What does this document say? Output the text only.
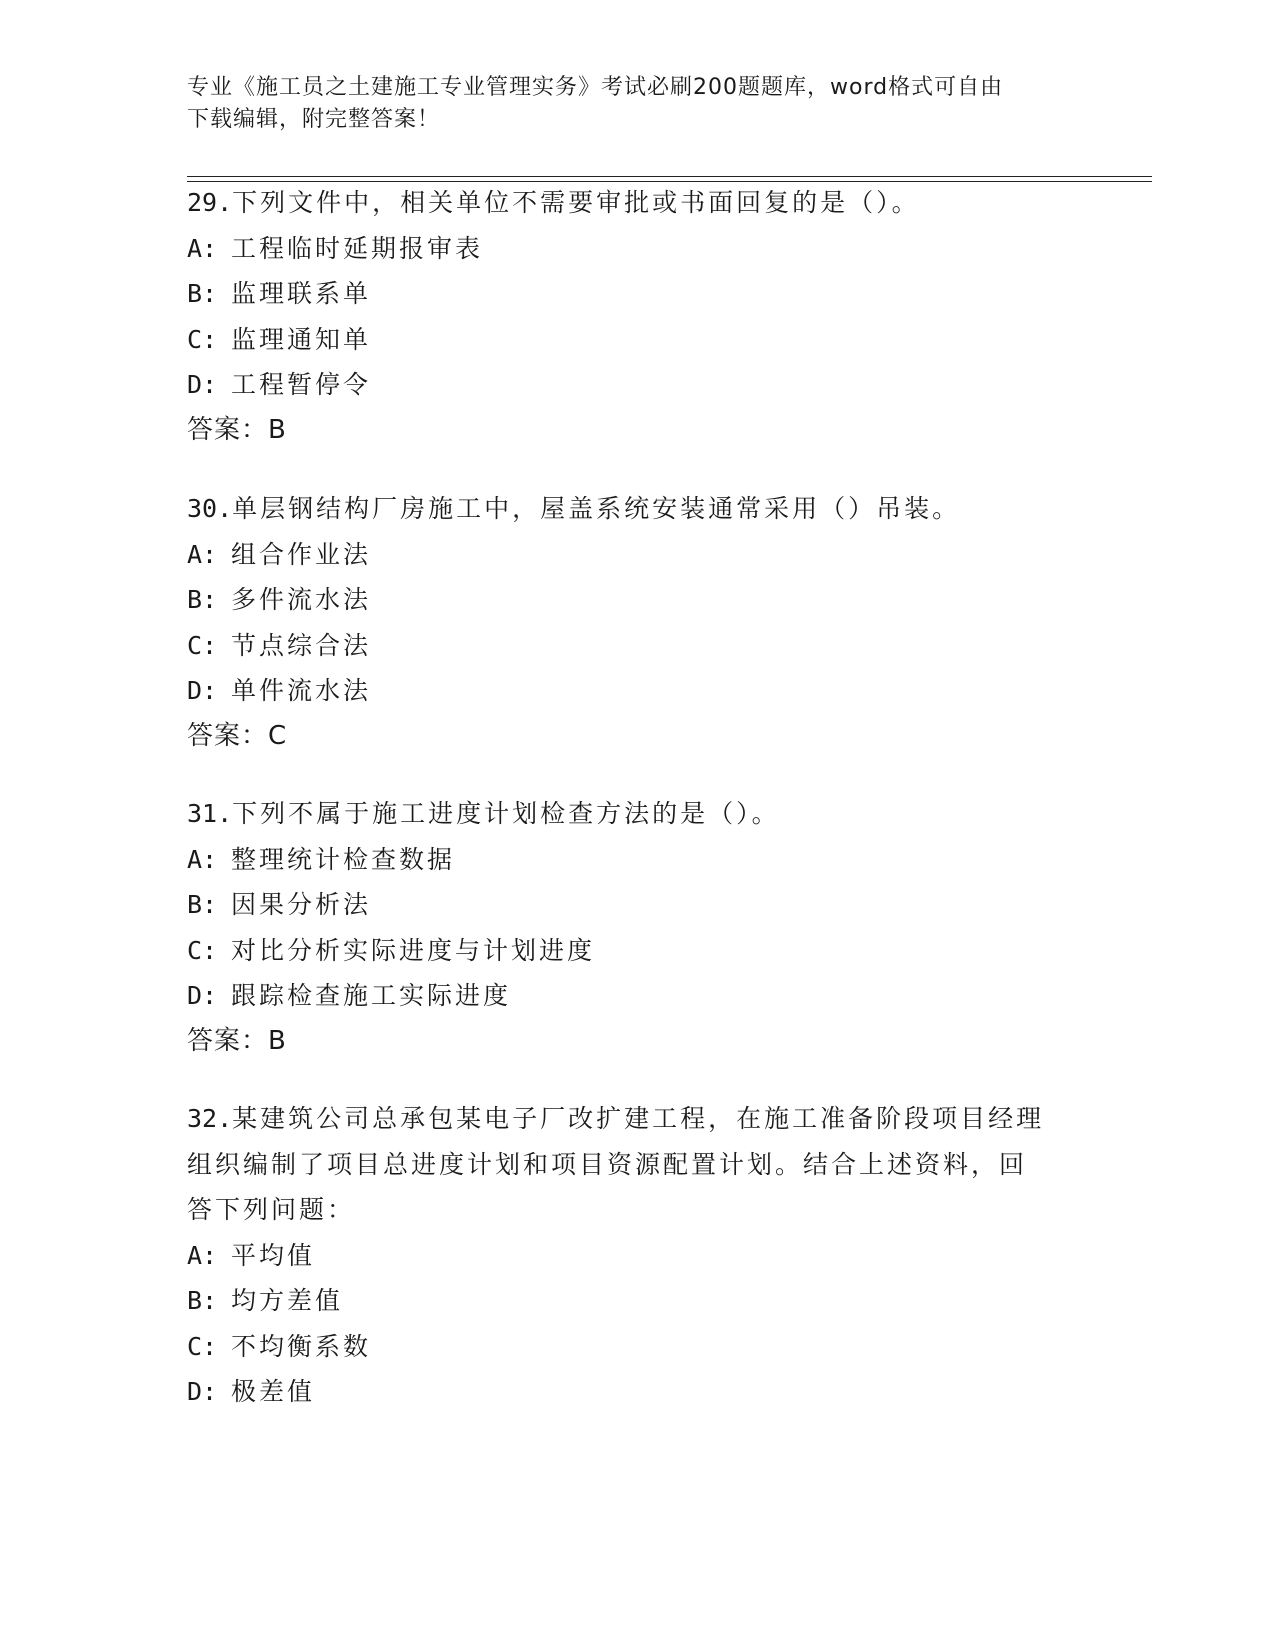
专业《施工员之土建施工专业管理实务》考试必刷200题题库，word格式可自由
下载编辑，附完整答案！
29.下列文件中，相关单位不需要审批或书面回复的是（）。
A: 工程临时延期报审表
B: 监理联系单
C: 监理通知单
D: 工程暂停令
答案：B
30.单层钢结构厂房施工中，屋盖系统安装通常采用（）吊装。
A: 组合作业法
B: 多件流水法
C: 节点综合法
D: 单件流水法
答案：C
31.下列不属于施工进度计划检查方法的是（）。
A: 整理统计检查数据
B: 因果分析法
C: 对比分析实际进度与计划进度
D: 跟踪检查施工实际进度
答案：B
32.某建筑公司总承包某电子厂改扩建工程，在施工准备阶段项目经理
组织编制了项目总进度计划和项目资源配置计划。结合上述资料，回
答下列问题：
A: 平均值
B: 均方差值
C: 不均衡系数
D: 极差值
